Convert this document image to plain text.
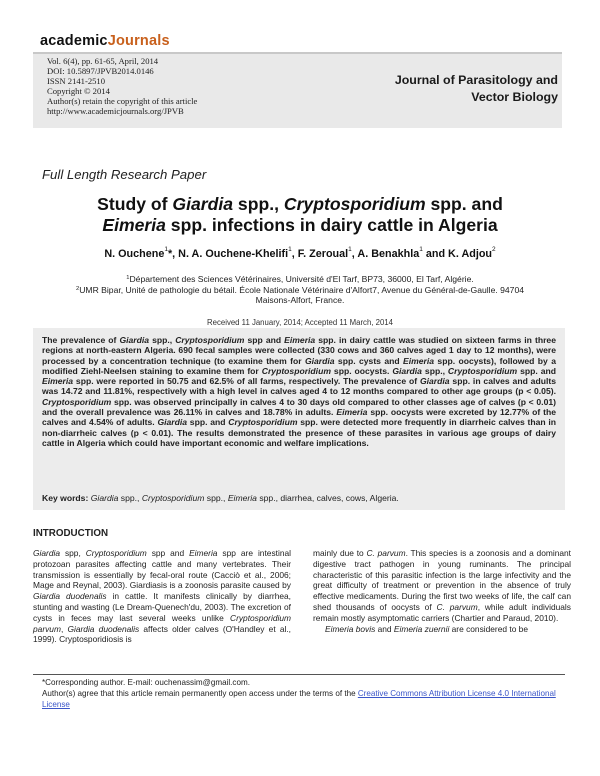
academicJournals
Vol. 6(4), pp. 61-65, April, 2014
DOI: 10.5897/JPVB2014.0146
ISSN 2141-2510
Copyright © 2014
Author(s) retain the copyright of this article
http://www.academicjournals.org/JPVB
Journal of Parasitology and
Vector Biology
Full Length Research Paper
Study of Giardia spp., Cryptosporidium spp. and
Eimeria spp. infections in dairy cattle in Algeria
N. Ouchene$^1$*, N. A. Ouchene-Khelifi$^1$, F. Zeroual$^1$, A. Benakhla$^1$ and K. Adjou$^2$
$^1$Département des Sciences Vétérinaires, Université d'El Tarf, BP73, 36000, El Tarf, Algérie.
$^2$UMR Bipar, Unité de pathologie du bétail. École Nationale Vétérinaire d'Alfort7, Avenue du Général-de-Gaulle. 94704 Maisons-Alfort, France.
Received 11 January, 2014; Accepted 11 March, 2014
The prevalence of Giardia spp., Cryptosporidium spp and Eimeria spp. in dairy cattle was studied on sixteen farms in three regions at north-eastern Algeria. 690 fecal samples were collected (330 cows and 360 calves aged 1 day to 12 months), were processed by a concentration technique (to examine them for Giardia spp. cysts and Eimeria spp. oocysts), followed by a modified Ziehl-Neelsen staining to examine them for Cryptosporidium spp. oocysts. Giardia spp., Cryptosporidium spp. and Eimeria spp. were reported in 50.75 and 62.5% of all farms, respectively. The prevalence of Giardia spp. in calves and adults was 14.72 and 11.81%, respectively with a high level in calves aged 4 to 12 months compared to other age groups (p < 0.05). Cryptosporidium spp. was observed principally in calves 4 to 30 days old compared to other classes age of calves (p < 0.01) and the overall prevalence was 26.11% in calves and 18.78% in adults. Eimeria spp. oocysts were excreted by 12.77% of the calves and 4.54% of adults. Giardia spp. and Cryptosporidium spp. were detected more frequently in diarrheic calves than in non-diarrheic calves (p < 0.01). The results demonstrated the presence of these parasites in various age groups of dairy cattle in Algeria which could have important economic and welfare implications.
Key words: Giardia spp., Cryptosporidium spp., Eimeria spp., diarrhea, calves, cows, Algeria.
INTRODUCTION

Giardia spp, Cryptosporidium spp and Eimeria spp are intestinal protozoan parasites affecting cattle and many vertebrates. Their transmission is essentially by fecal-oral route (Cacciò et al., 2006; Mage and Reynal, 2003). Giardiasis is a zoonosis parasite caused by Giardia duodenalis in cattle. It manifests clinically by diarrhea, stunting and wasting (Le Dream-Quenech'du, 2003). The excretion of cysts in feces may last several weeks unlike Cryptosporidium parvum, Giardia duodenalis affects older calves (O'Handley et al., 1999). Cryptosporidiosis is

mainly due to C. parvum. This species is a zoonosis and a dominant digestive tract pathogen in young ruminants. The principal characteristic of this parasitic infection is the large infectivity and the great difficulty of treatment or prevention in the absence of truly effective medicaments. During the first two weeks of life, the calf can shed thousands of oocysts of C. parvum, while adult individuals remain mostly asymptomatic carriers (Chartier and Paraud, 2010).

Eimeria bovis and Eimeria zuernii are considered to be

*Corresponding author. E-mail: ouchenassim@gmail.com.
Author(s) agree that this article remain permanently open access under the terms of the Creative Commons Attribution License 4.0 International License
